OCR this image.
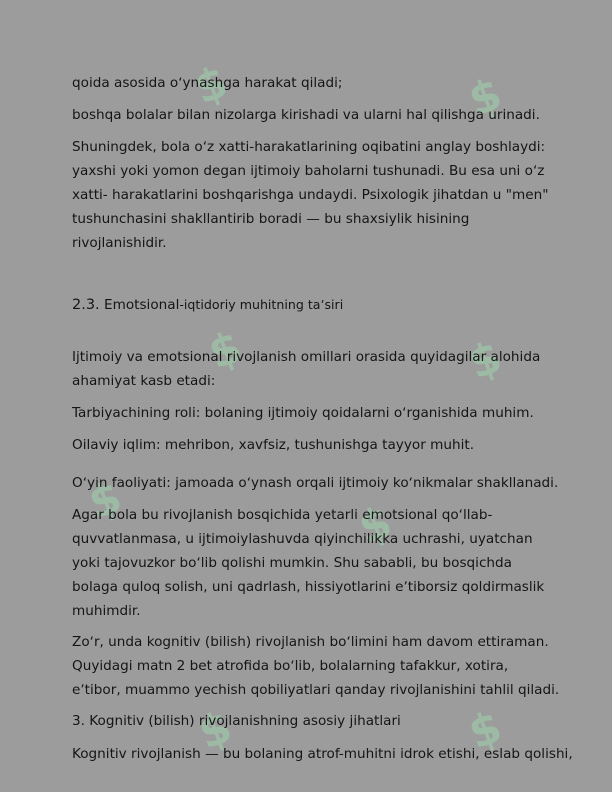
$	$
$	$
$	$
$	$

qoida asosida oʻynashga harakat qiladi;

boshqa bolalar bilan nizolarga kirishadi va ularni hal qilishga urinadi.

Shuningdek, bola oʻz xatti-harakatlarining oqibatini anglay boshlaydi:

yaxshi yoki yomon degan ijtimoiy baholarni tushunadi. Bu esa uni oʻz

xatti- harakatlarini boshqarishga undaydi. Psixologik jihatdan u "men"

tushunchasini shakllantirib boradi — bu shaxsiylik hisining

rivojlanishidir.

2.3. Emotsional-iqtidoriy muhitning taʼsiri

Ijtimoiy va emotsional rivojlanish omillari orasida quyidagilar alohida

ahamiyat kasb etadi:

Tarbiyachining roli: bolaning ijtimoiy qoidalarni oʻrganishida muhim.

Oilaviy iqlim: mehribon, xavfsiz, tushunishga tayyor muhit.

Oʻyin faoliyati: jamoada oʻynash orqali ijtimoiy koʻnikmalar shakllanadi.

Agar bola bu rivojlanish bosqichida yetarli emotsional qoʻllab-

quvvatlanmasa, u ijtimoiylashuvda qiyinchilikka uchrashi, uyatchan

yoki tajovuzkor boʻlib qolishi mumkin. Shu sababli, bu bosqichda

bolaga quloq solish, uni qadrlash, hissiyotlarini eʼtiborsiz qoldirmaslik

muhimdir.

Zoʻr, unda kognitiv (bilish) rivojlanish boʻlimini ham davom ettiraman.

Quyidagi matn 2 bet atrofida boʻlib, bolalarning tafakkur, xotira,

eʼtibor, muammo yechish qobiliyatlari qanday rivojlanishini tahlil qiladi.

3. Kognitiv (bilish) rivojlanishning asosiy jihatlari

Kognitiv rivojlanish — bu bolaning atrof-muhitni idrok etishi, eslab qolishi,
